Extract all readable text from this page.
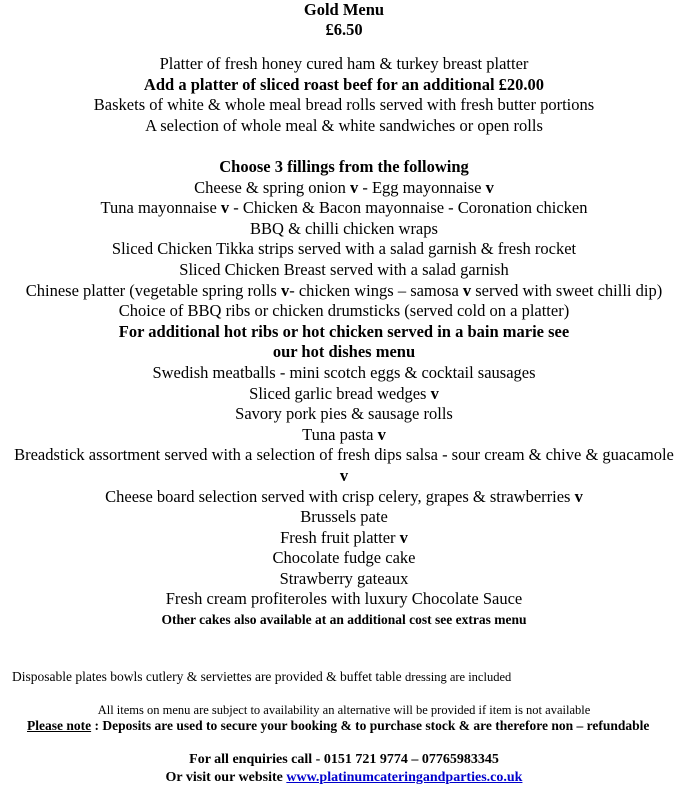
Gold Menu
£6.50
Platter of fresh honey cured ham & turkey breast platter
Add a platter of sliced roast beef for an additional £20.00
Baskets of white & whole meal bread rolls served with fresh butter portions
A selection of whole meal & white sandwiches or open rolls
Choose 3 fillings from the following
Cheese & spring onion v - Egg mayonnaise v
Tuna mayonnaise v - Chicken & Bacon mayonnaise - Coronation chicken
BBQ & chilli chicken wraps
Sliced Chicken Tikka strips served with a salad garnish & fresh rocket
Sliced Chicken Breast served with a salad garnish
Chinese platter (vegetable spring rolls v- chicken wings – samosa v served with sweet chilli dip)
Choice of BBQ ribs or chicken drumsticks (served cold on a platter)
For additional hot ribs or hot chicken served in a bain marie see
our hot dishes menu
Swedish meatballs - mini scotch eggs & cocktail sausages
Sliced garlic bread wedges v
Savory pork pies & sausage rolls
Tuna pasta v
Breadstick assortment served with a selection of fresh dips salsa - sour cream & chive & guacamole v
Cheese board selection served with crisp celery, grapes & strawberries v
Brussels pate
Fresh fruit platter v
Chocolate fudge cake
Strawberry gateaux
Fresh cream profiteroles with luxury Chocolate Sauce
Other cakes also available at an additional cost see extras menu
Disposable plates bowls cutlery & serviettes are provided & buffet table dressing are included
All items on menu are subject to availability an alternative will be provided if item is not available
Please note : Deposits are used to secure your booking & to purchase stock & are therefore non – refundable
For all enquiries call - 0151 721 9774 – 07765983345
Or visit our website www.platinumcateringandparties.co.uk
